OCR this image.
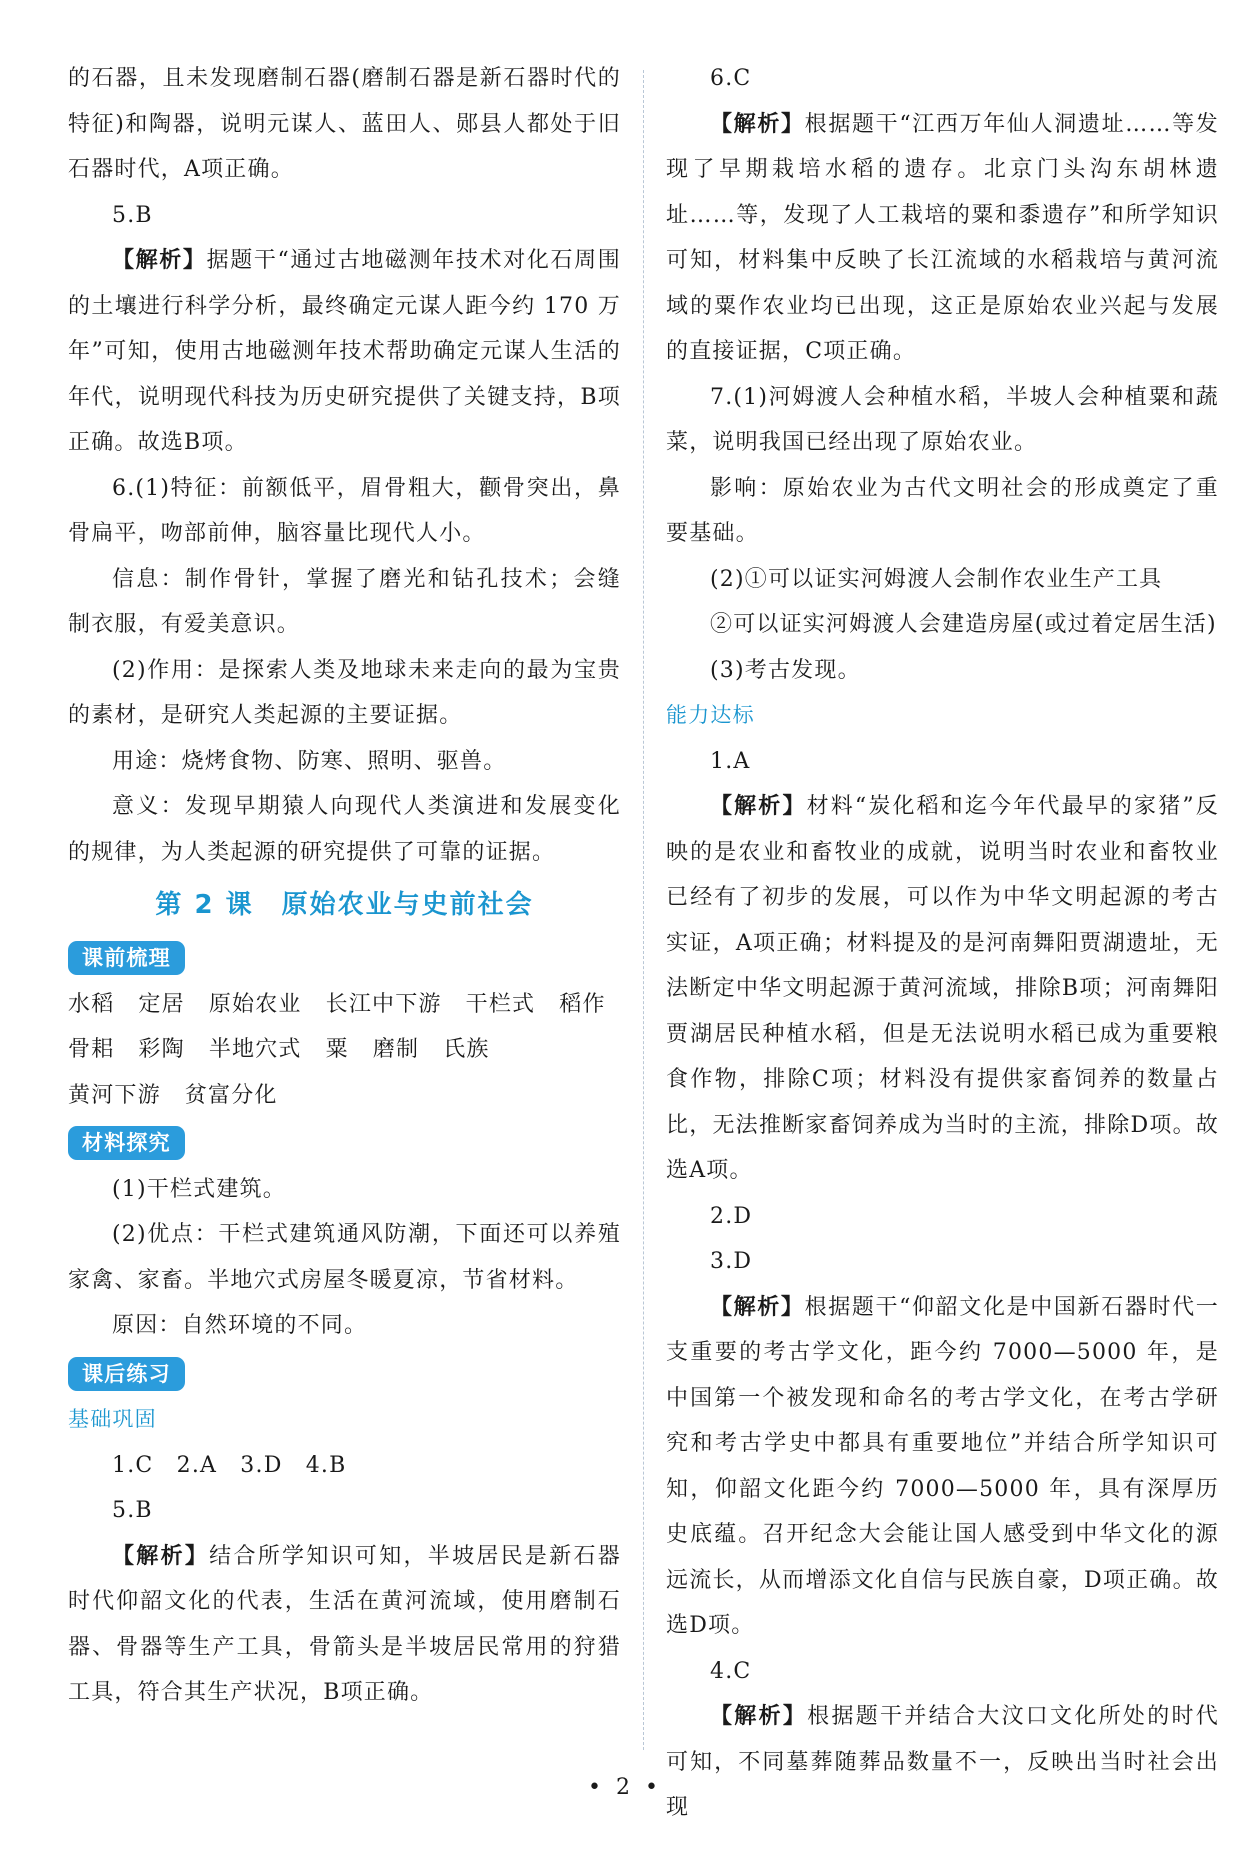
的石器，且未发现磨制石器(磨制石器是新石器时代的特征)和陶器，说明元谋人、蓝田人、郧县人都处于旧石器时代，A项正确。

5.B

【解析】据题干“通过古地磁测年技术对化石周围的土壤进行科学分析，最终确定元谋人距今约 170 万年”可知，使用古地磁测年技术帮助确定元谋人生活的年代，说明现代科技为历史研究提供了关键支持，B项正确。故选B项。

6.(1)特征：前额低平，眉骨粗大，颧骨突出，鼻骨扁平，吻部前伸，脑容量比现代人小。

信息：制作骨针，掌握了磨光和钻孔技术；会缝制衣服，有爱美意识。

(2)作用：是探索人类及地球未来走向的最为宝贵的素材，是研究人类起源的主要证据。

用途：烧烤食物、防寒、照明、驱兽。

意义：发现早期猿人向现代人类演进和发展变化的规律，为人类起源的研究提供了可靠的证据。

第 2 课　原始农业与史前社会
课前梳理
水稻 定居 原始农业 长江中下游 干栏式 稻作骨耜 彩陶 半地穴式 粟 磨制 氏族黄河下游 贫富分化
材料探究

(1)干栏式建筑。

(2)优点：干栏式建筑通风防潮，下面还可以养殖家禽、家畜。半地穴式房屋冬暖夏凉，节省材料。

原因：自然环境的不同。

课后练习

基础巩固

1.C　2.A　3.D　4.B

5.B

【解析】结合所学知识可知，半坡居民是新石器时代仰韶文化的代表，生活在黄河流域，使用磨制石器、骨器等生产工具，骨箭头是半坡居民常用的狩猎工具，符合其生产状况，B项正确。

6.C

【解析】根据题干“江西万年仙人洞遗址……等发现了早期栽培水稻的遗存。北京门头沟东胡林遗址……等，发现了人工栽培的粟和黍遗存”和所学知识可知，材料集中反映了长江流域的水稻栽培与黄河流域的粟作农业均已出现，这正是原始农业兴起与发展的直接证据，C项正确。

7.(1)河姆渡人会种植水稻，半坡人会种植粟和蔬菜，说明我国已经出现了原始农业。

影响：原始农业为古代文明社会的形成奠定了重要基础。

(2)①可以证实河姆渡人会制作农业生产工具

②可以证实河姆渡人会建造房屋(或过着定居生活)

(3)考古发现。

能力达标

1.A

【解析】材料“炭化稻和迄今年代最早的家猪”反映的是农业和畜牧业的成就，说明当时农业和畜牧业已经有了初步的发展，可以作为中华文明起源的考古实证，A项正确；材料提及的是河南舞阳贾湖遗址，无法断定中华文明起源于黄河流域，排除B项；河南舞阳贾湖居民种植水稻，但是无法说明水稻已成为重要粮食作物，排除C项；材料没有提供家畜饲养的数量占比，无法推断家畜饲养成为当时的主流，排除D项。故选A项。

2.D

3.D

【解析】根据题干“仰韶文化是中国新石器时代一支重要的考古学文化，距今约 7000—5000 年，是中国第一个被发现和命名的考古学文化，在考古学研究和考古学史中都具有重要地位”并结合所学知识可知，仰韶文化距今约 7000—5000 年，具有深厚历史底蕴。召开纪念大会能让国人感受到中华文化的源远流长，从而增添文化自信与民族自豪，D项正确。故选D项。

4.C

【解析】根据题干并结合大汶口文化所处的时代可知，不同墓葬随葬品数量不一，反映出当时社会出现

• 2 •
